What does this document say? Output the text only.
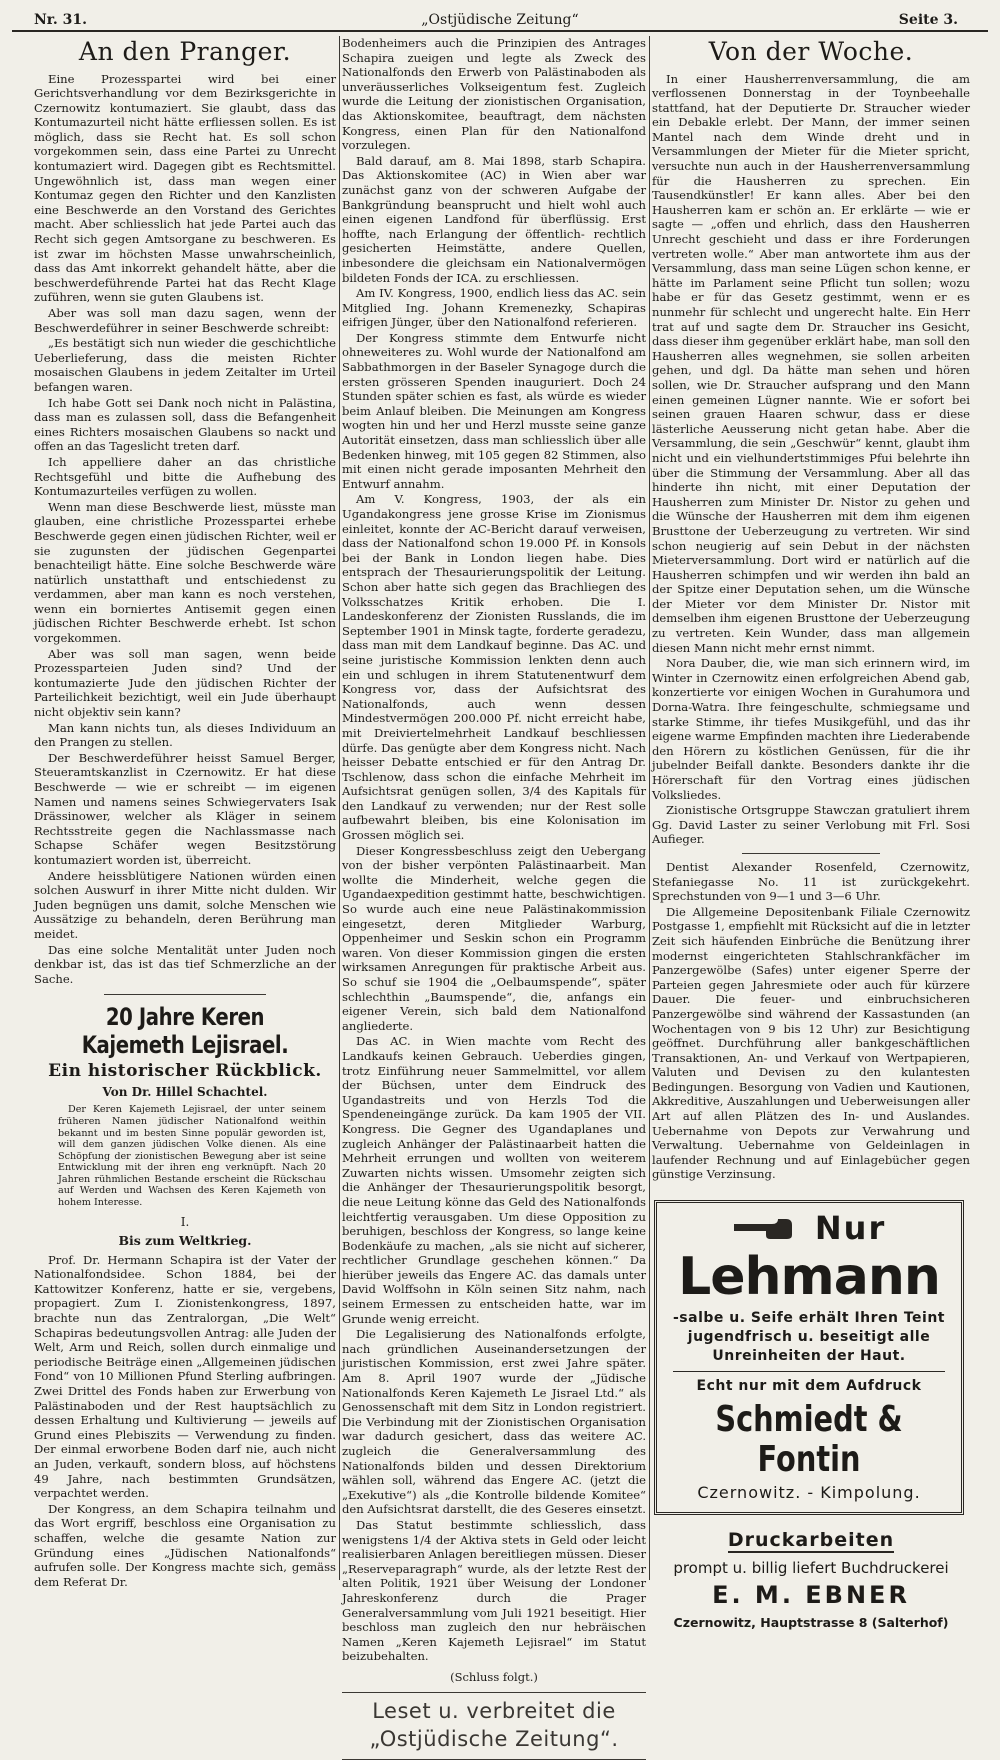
Nr. 31.	„Ostjüdische Zeitung“	Seite 3.
An den Pranger.

Eine Prozesspartei wird bei einer Gerichtsverhandlung vor dem Bezirksgerichte in Czernowitz kontumaziert. Sie glaubt, dass das Kontumazurteil nicht hätte erfliessen sollen. Es ist möglich, dass sie Recht hat. Es soll schon vorgekommen sein, dass eine Partei zu Unrecht kontumaziert wird. Dagegen gibt es Rechtsmittel. Ungewöhnlich ist, dass man wegen einer Kontumaz gegen den Richter und den Kanzlisten eine Beschwerde an den Vorstand des Gerichtes macht. Aber schliesslich hat jede Partei auch das Recht sich gegen Amtsorgane zu beschweren. Es ist zwar im höchsten Masse unwahrscheinlich, dass das Amt inkorrekt gehandelt hätte, aber die beschwerdeführende Partei hat das Recht Klage zuführen, wenn sie guten Glaubens ist.

Aber was soll man dazu sagen, wenn der Beschwerdeführer in seiner Beschwerde schreibt:

„Es bestätigt sich nun wieder die geschichtliche Ueberlieferung, dass die meisten Richter mosaischen Glaubens in jedem Zeitalter im Urteil befangen waren.

Ich habe Gott sei Dank noch nicht in Palästina, dass man es zulassen soll, dass die Befangenheit eines Richters mosaischen Glaubens so nackt und offen an das Tageslicht treten darf.

Ich appelliere daher an das christliche Rechtsgefühl und bitte die Aufhebung des Kontumazurteiles verfügen zu wollen.

Wenn man diese Beschwerde liest, müsste man glauben, eine christliche Prozesspartei erhebe Beschwerde gegen einen jüdischen Richter, weil er sie zugunsten der jüdischen Gegenpartei benachteiligt hätte. Eine solche Beschwerde wäre natürlich unstatthaft und entschiedenst zu verdammen, aber man kann es noch verstehen, wenn ein borniertes Antisemit gegen einen jüdischen Richter Beschwerde erhebt. Ist schon vorgekommen.

Aber was soll man sagen, wenn beide Prozessparteien Juden sind? Und der kontumazierte Jude den jüdischen Richter der Parteilichkeit bezichtigt, weil ein Jude überhaupt nicht objektiv sein kann?

Man kann nichts tun, als dieses Individuum an den Prangen zu stellen.

Der Beschwerdeführer heisst Samuel Berger, Steueramtskanzlist in Czernowitz. Er hat diese Beschwerde — wie er schreibt — im eigenen Namen und namens seines Schwiegervaters Isak Drässinower, welcher als Kläger in seinem Rechtsstreite gegen die Nachlassmasse nach Schapse Schäfer wegen Besitzstörung kontumaziert worden ist, überreicht.

Andere heissblütigere Nationen würden einen solchen Auswurf in ihrer Mitte nicht dulden. Wir Juden begnügen uns damit, solche Menschen wie Aussätzige zu behandeln, deren Berührung man meidet.

Das eine solche Mentalität unter Juden noch denkbar ist, das ist das tief Schmerzliche an der Sache.

20 Jahre Keren Kajemeth Lejisrael.
Ein historischer Rückblick.
Von Dr. Hillel Schachtel.

Der Keren Kajemeth Lejisrael, der unter seinem früheren Namen jüdischer Nationalfond weithin bekannt und im besten Sinne populär geworden ist, will dem ganzen jüdischen Volke dienen. Als eine Schöpfung der zionistischen Bewegung aber ist seine Entwicklung mit der ihren eng verknüpft. Nach 20 Jahren rühmlichen Bestande erscheint die Rückschau auf Werden und Wachsen des Keren Kajemeth von hohem Interesse.

I.
Bis zum Weltkrieg.

Prof. Dr. Hermann Schapira ist der Vater der Nationalfondsidee. Schon 1884, bei der Kattowitzer Konferenz, hatte er sie, vergebens, propagiert. Zum I. Zionistenkongress, 1897, brachte nun das Zentralorgan, „Die Welt“ Schapiras bedeutungsvollen Antrag: alle Juden der Welt, Arm und Reich, sollen durch einmalige und periodische Beiträge einen „Allgemeinen jüdischen Fond“ von 10 Millionen Pfund Sterling aufbringen. Zwei Drittel des Fonds haben zur Erwerbung von Palästinaboden und der Rest hauptsächlich zu dessen Erhaltung und Kultivierung — jeweils auf Grund eines Plebiszits — Verwendung zu finden. Der einmal erworbene Boden darf nie, auch nicht an Juden, verkauft, sondern bloss, auf höchstens 49 Jahre, nach bestimmten Grundsätzen, verpachtet werden.

Der Kongress, an dem Schapira teilnahm und das Wort ergriff, beschloss eine Organisation zu schaffen, welche die gesamte Nation zur Gründung eines „Jüdischen Nationalfonds“ aufrufen solle. Der Kongress machte sich, gemäss dem Referat Dr.

Bodenheimers auch die Prinzipien des Antrages Schapira zueigen und legte als Zweck des Nationalfonds den Erwerb von Palästinaboden als unveräusserliches Volkseigentum fest. Zugleich wurde die Leitung der zionistischen Organisation, das Aktionskomitee, beauftragt, dem nächsten Kongress, einen Plan für den Nationalfond vorzulegen.

Bald darauf, am 8. Mai 1898, starb Schapira. Das Aktionskomitee (AC) in Wien aber war zunächst ganz von der schweren Aufgabe der Bankgründung beansprucht und hielt wohl auch einen eigenen Landfond für überflüssig. Erst hoffte, nach Erlangung der öffentlich- rechtlich gesicherten Heimstätte, andere Quellen, inbesondere die gleichsam ein Nationalvermögen bildeten Fonds der ICA. zu erschliessen.

Am IV. Kongress, 1900, endlich liess das AC. sein Mitglied Ing. Johann Kremenezky, Schapiras eifrigen Jünger, über den Nationalfond referieren.

Der Kongress stimmte dem Entwurfe nicht ohneweiteres zu. Wohl wurde der Nationalfond am Sabbathmorgen in der Baseler Synagoge durch die ersten grösseren Spenden inauguriert. Doch 24 Stunden später schien es fast, als würde es wieder beim Anlauf bleiben. Die Meinungen am Kongress wogten hin und her und Herzl musste seine ganze Autorität einsetzen, dass man schliesslich über alle Bedenken hinweg, mit 105 gegen 82 Stimmen, also mit einen nicht gerade imposanten Mehrheit den Entwurf annahm.

Am V. Kongress, 1903, der als ein Ugandakongress jene grosse Krise im Zionismus einleitet, konnte der AC-Bericht darauf verweisen, dass der Nationalfond schon 19.000 Pf. in Konsols bei der Bank in London liegen habe. Dies entsprach der Thesaurierungspolitik der Leitung. Schon aber hatte sich gegen das Brachliegen des Volksschatzes Kritik erhoben. Die I. Landeskonferenz der Zionisten Russlands, die im September 1901 in Minsk tagte, forderte geradezu, dass man mit dem Landkauf beginne. Das AC. und seine juristische Kommission lenkten denn auch ein und schlugen in ihrem Statutenentwurf dem Kongress vor, dass der Aufsichtsrat des Nationalfonds, auch wenn dessen Mindestvermögen 200.000 Pf. nicht erreicht habe, mit Dreiviertelmehrheit Landkauf beschliessen dürfe. Das genügte aber dem Kongress nicht. Nach heisser Debatte entschied er für den Antrag Dr. Tschlenow, dass schon die einfache Mehrheit im Aufsichtsrat genügen sollen, 3/4 des Kapitals für den Landkauf zu verwenden; nur der Rest solle aufbewahrt bleiben, bis eine Kolonisation im Grossen möglich sei.

Dieser Kongressbeschluss zeigt den Uebergang von der bisher verpönten Palästinaarbeit. Man wollte die Minderheit, welche gegen die Ugandaexpedition gestimmt hatte, beschwichtigen. So wurde auch eine neue Palästinakommission eingesetzt, deren Mitglieder Warburg, Oppenheimer und Seskin schon ein Programm waren. Von dieser Kommission gingen die ersten wirksamen Anregungen für praktische Arbeit aus. So schuf sie 1904 die „Oelbaumspende“, später schlechthin „Baumspende“, die, anfangs ein eigener Verein, sich bald dem Nationalfond angliederte.

Das AC. in Wien machte vom Recht des Landkaufs keinen Gebrauch. Ueberdies gingen, trotz Einführung neuer Sammelmittel, vor allem der Büchsen, unter dem Eindruck des Ugandastreits und von Herzls Tod die Spendeneingänge zurück. Da kam 1905 der VII. Kongress. Die Gegner des Ugandaplanes und zugleich Anhänger der Palästinaarbeit hatten die Mehrheit errungen und wollten von weiterem Zuwarten nichts wissen. Umsomehr zeigten sich die Anhänger der Thesaurierungspolitik besorgt, die neue Leitung könne das Geld des Nationalfonds leichtfertig verausgaben. Um diese Opposition zu beruhigen, beschloss der Kongress, so lange keine Bodenkäufe zu machen, „als sie nicht auf sicherer, rechtlicher Grundlage geschehen können.“ Da hierüber jeweils das Engere AC. das damals unter David Wolffsohn in Köln seinen Sitz nahm, nach seinem Ermessen zu entscheiden hatte, war im Grunde wenig erreicht.

Die Legalisierung des Nationalfonds erfolgte, nach gründlichen Auseinandersetzungen der juristischen Kommission, erst zwei Jahre später. Am 8. April 1907 wurde der „Jüdische Nationalfonds Keren Kajemeth Le Jisrael Ltd.“ als Genossenschaft mit dem Sitz in London registriert. Die Verbindung mit der Zionistischen Organisation war dadurch gesichert, dass das weitere AC. zugleich die Generalversammlung des Nationalfonds bilden und dessen Direktorium wählen soll, während das Engere AC. (jetzt die „Exekutive“) als „die Kontrolle bildende Komitee“ den Aufsichtsrat darstellt, die des Geseres einsetzt.

Das Statut bestimmte schliesslich, dass wenigstens 1/4 der Aktiva stets in Geld oder leicht realisierbaren Anlagen bereitliegen müssen. Dieser „Reserveparagraph“ wurde, als der letzte Rest der alten Politik, 1921 über Weisung der Londoner Jahreskonferenz durch die Prager Generalversammlung vom Juli 1921 beseitigt. Hier beschloss man zugleich den nur hebräischen Namen „Keren Kajemeth Lejisrael“ im Statut beizubehalten.

(Schluss folgt.)
Leset u. verbreitet die
„Ostjüdische Zeitung“.
Von der Woche.

In einer Hausherrenversammlung, die am verflossenen Donnerstag in der Toynbeehalle stattfand, hat der Deputierte Dr. Straucher wieder ein Debakle erlebt. Der Mann, der immer seinen Mantel nach dem Winde dreht und in Versammlungen der Mieter für die Mieter spricht, versuchte nun auch in der Hausherrenversammlung für die Hausherren zu sprechen. Ein Tausendkünstler! Er kann alles. Aber bei den Hausherren kam er schön an. Er erklärte — wie er sagte — „offen und ehrlich, dass den Hausherren Unrecht geschieht und dass er ihre Forderungen vertreten wolle.“ Aber man antwortete ihm aus der Versammlung, dass man seine Lügen schon kenne, er hätte im Parlament seine Pflicht tun sollen; wozu habe er für das Gesetz gestimmt, wenn er es nunmehr für schlecht und ungerecht halte. Ein Herr trat auf und sagte dem Dr. Straucher ins Gesicht, dass dieser ihm gegenüber erklärt habe, man soll den Hausherren alles wegnehmen, sie sollen arbeiten gehen, und dgl. Da hätte man sehen und hören sollen, wie Dr. Straucher aufsprang und den Mann einen gemeinen Lügner nannte. Wie er sofort bei seinen grauen Haaren schwur, dass er diese lästerliche Aeusserung nicht getan habe. Aber die Versammlung, die sein „Geschwür“ kennt, glaubt ihm nicht und ein vielhundertstimmiges Pfui belehrte ihn über die Stimmung der Versammlung. Aber all das hinderte ihn nicht, mit einer Deputation der Hausherren zum Minister Dr. Nistor zu gehen und die Wünsche der Hausherren mit dem ihm eigenen Brusttone der Ueberzeugung zu vertreten. Wir sind schon neugierig auf sein Debut in der nächsten Mieterversammlung. Dort wird er natürlich auf die Hausherren schimpfen und wir werden ihn bald an der Spitze einer Deputation sehen, um die Wünsche der Mieter vor dem Minister Dr. Nistor mit demselben ihm eigenen Brusttone der Ueberzeugung zu vertreten. Kein Wunder, dass man allgemein diesen Mann nicht mehr ernst nimmt.

Nora Dauber, die, wie man sich erinnern wird, im Winter in Czernowitz einen erfolgreichen Abend gab, konzertierte vor einigen Wochen in Gurahumora und Dorna-Watra. Ihre feingeschulte, schmiegsame und starke Stimme, ihr tiefes Musikgefühl, und das ihr eigene warme Empfinden machten ihre Liederabende den Hörern zu köstlichen Genüssen, für die ihr jubelnder Beifall dankte. Besonders dankte ihr die Hörerschaft für den Vortrag eines jüdischen Volksliedes.

Zionistische Ortsgruppe Stawczan gratuliert ihrem Gg. David Laster zu seiner Verlobung mit Frl. Sosi Aufieger.

Dentist Alexander Rosenfeld, Czernowitz, Stefaniegasse No. 11 ist zurückgekehrt. Sprechstunden von 9—1 und 3—6 Uhr.

Die Allgemeine Depositenbank Filiale Czernowitz Postgasse 1, empfiehlt mit Rücksicht auf die in letzter Zeit sich häufenden Einbrüche die Benützung ihrer modernst eingerichteten Stahlschrankfächer im Panzergewölbe (Safes) unter eigener Sperre der Parteien gegen Jahresmiete oder auch für kürzere Dauer. Die feuer- und einbruchsicheren Panzergewölbe sind während der Kassastunden (an Wochentagen von 9 bis 12 Uhr) zur Besichtigung geöffnet. Durchführung aller bankgeschäftlichen Transaktionen, An- und Verkauf von Wertpapieren, Valuten und Devisen zu den kulantesten Bedingungen. Besorgung von Vadien und Kautionen, Akkreditive, Auszahlungen und Ueberweisungen aller Art auf allen Plätzen des In- und Auslandes. Uebernahme von Depots zur Verwahrung und Verwaltung. Uebernahme von Geldeinlagen in laufender Rechnung und auf Einlagebücher gegen günstige Verzinsung.

Nur
Lehmann
-salbe u. Seife erhält Ihren Teint
jugendfrisch u. beseitigt alle
Unreinheiten der Haut.
Echt nur mit dem Aufdruck
Schmiedt & Fontin
Czernowitz. - Kimpolung.
Druckarbeiten
prompt u. billig liefert Buchdruckerei
E. M. EBNER
Czernowitz, Hauptstrasse 8 (Salterhof)
